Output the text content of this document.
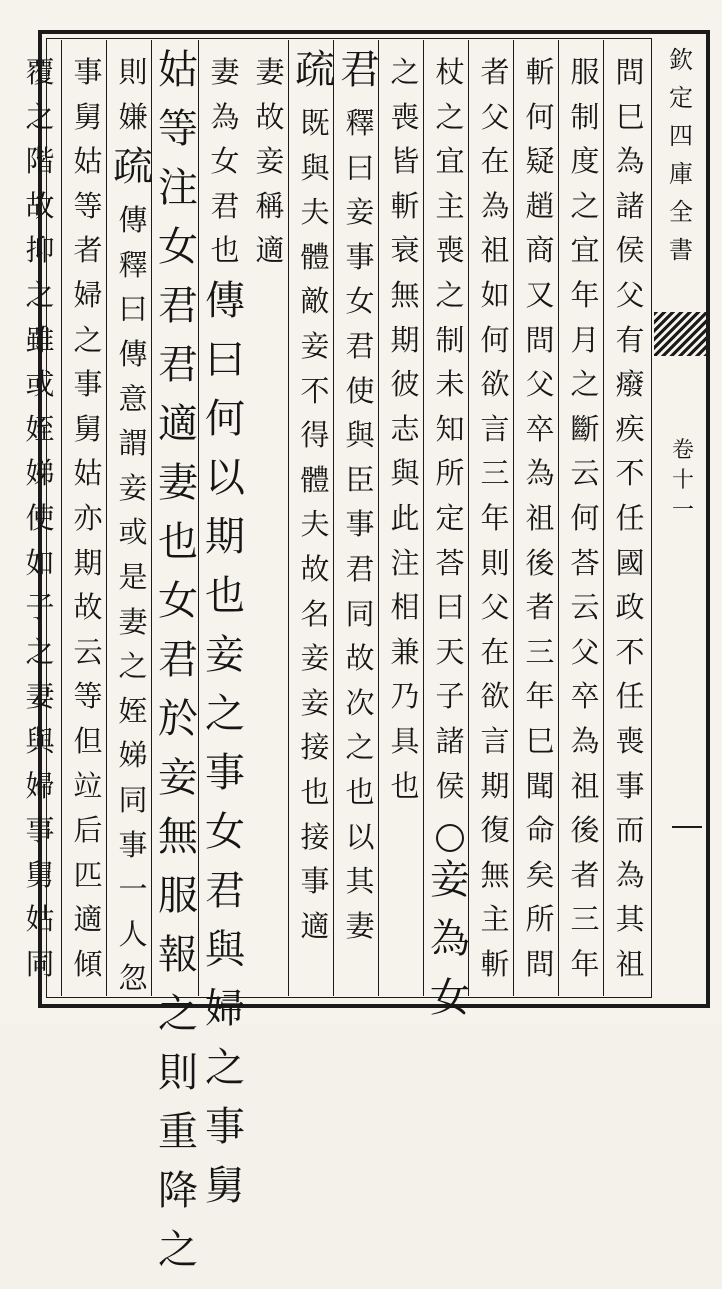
欽
定
四
庫
全
書
卷
十
一
問
巳
為
諸
侯
父
有
癈
疾
不
任
國
政
不
任
喪
事
而
為
其
祖
服
制
度
之
宜
年
月
之
斷
云
何
荅
云
父
卒
為
祖
後
者
三
年
斬
何
疑
趙
商
又
問
父
卒
為
祖
後
者
三
年
巳
聞
命
矣
所
問
者
父
在
為
祖
如
何
欲
言
三
年
則
父
在
欲
言
期
復
無
主
斬
杖
之
宜
主
喪
之
制
未
知
所
定
荅
曰
天
子
諸
侯
妾
為
女
之
喪
皆
斬
衰
無
期
彼
志
與
此
注
相
兼
乃
具
也
君
釋
曰
妾
事
女
君
使
與
臣
事
君
同
故
次
之
也
以
其
妻
疏
既
與
夫
體
敵
妾
不
得
體
夫
故
名
妾
妾
接
也
接
事
適
妻
故
妾
稱
適
妻
為
女
君
也
傳
曰
何
以
期
也
妾
之
事
女
君
與
婦
之
事
舅
姑
等
注
女
君
君
適
妻
也
女
君
於
妾
無
服
報
之
則
重
降
之
則
嫌
疏
傳
釋
曰
傳
意
謂
妾
或
是
妻
之
姪
娣
同
事
一
人
忽
事
舅
姑
等
者
婦
之
事
舅
姑
亦
期
故
云
等
但
竝
后
匹
適
傾
覆
之
階
故
抑
之
雖
或
姪
娣
使
如
子
之
妻
與
婦
事
舅
姑
同
